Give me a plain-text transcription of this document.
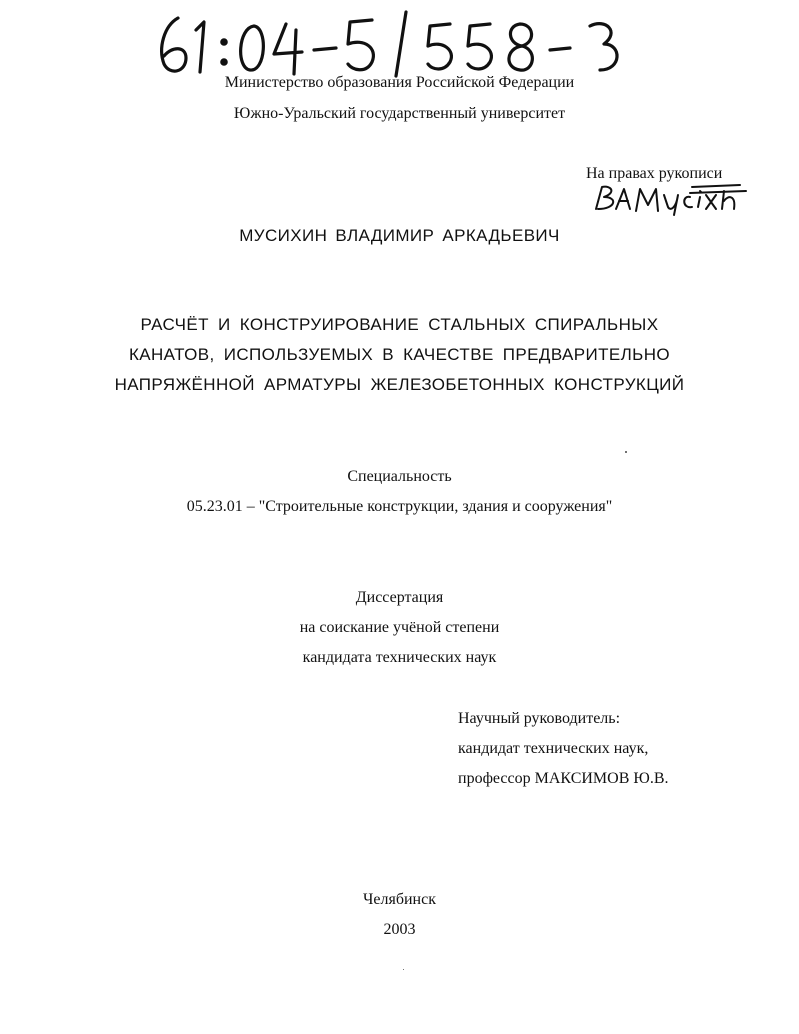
Министерство образования Российской Федерации
Южно-Уральский государственный университет
На правах рукописи
МУСИХИН ВЛАДИМИР АРКАДЬЕВИЧ
РАСЧЁТ И КОНСТРУИРОВАНИЕ СТАЛЬНЫХ СПИРАЛЬНЫХ
КАНАТОВ, ИСПОЛЬЗУЕМЫХ В КАЧЕСТВЕ ПРЕДВАРИТЕЛЬНО
НАПРЯЖЁННОЙ АРМАТУРЫ ЖЕЛЕЗОБЕТОННЫХ КОНСТРУКЦИЙ
Специальность
05.23.01 – "Строительные конструкции, здания и сооружения"
Диссертация
на соискание учёной степени
кандидата технических наук
Научный руководитель:
кандидат технических наук,
профессор МАКСИМОВ Ю.В.
Челябинск
2003
